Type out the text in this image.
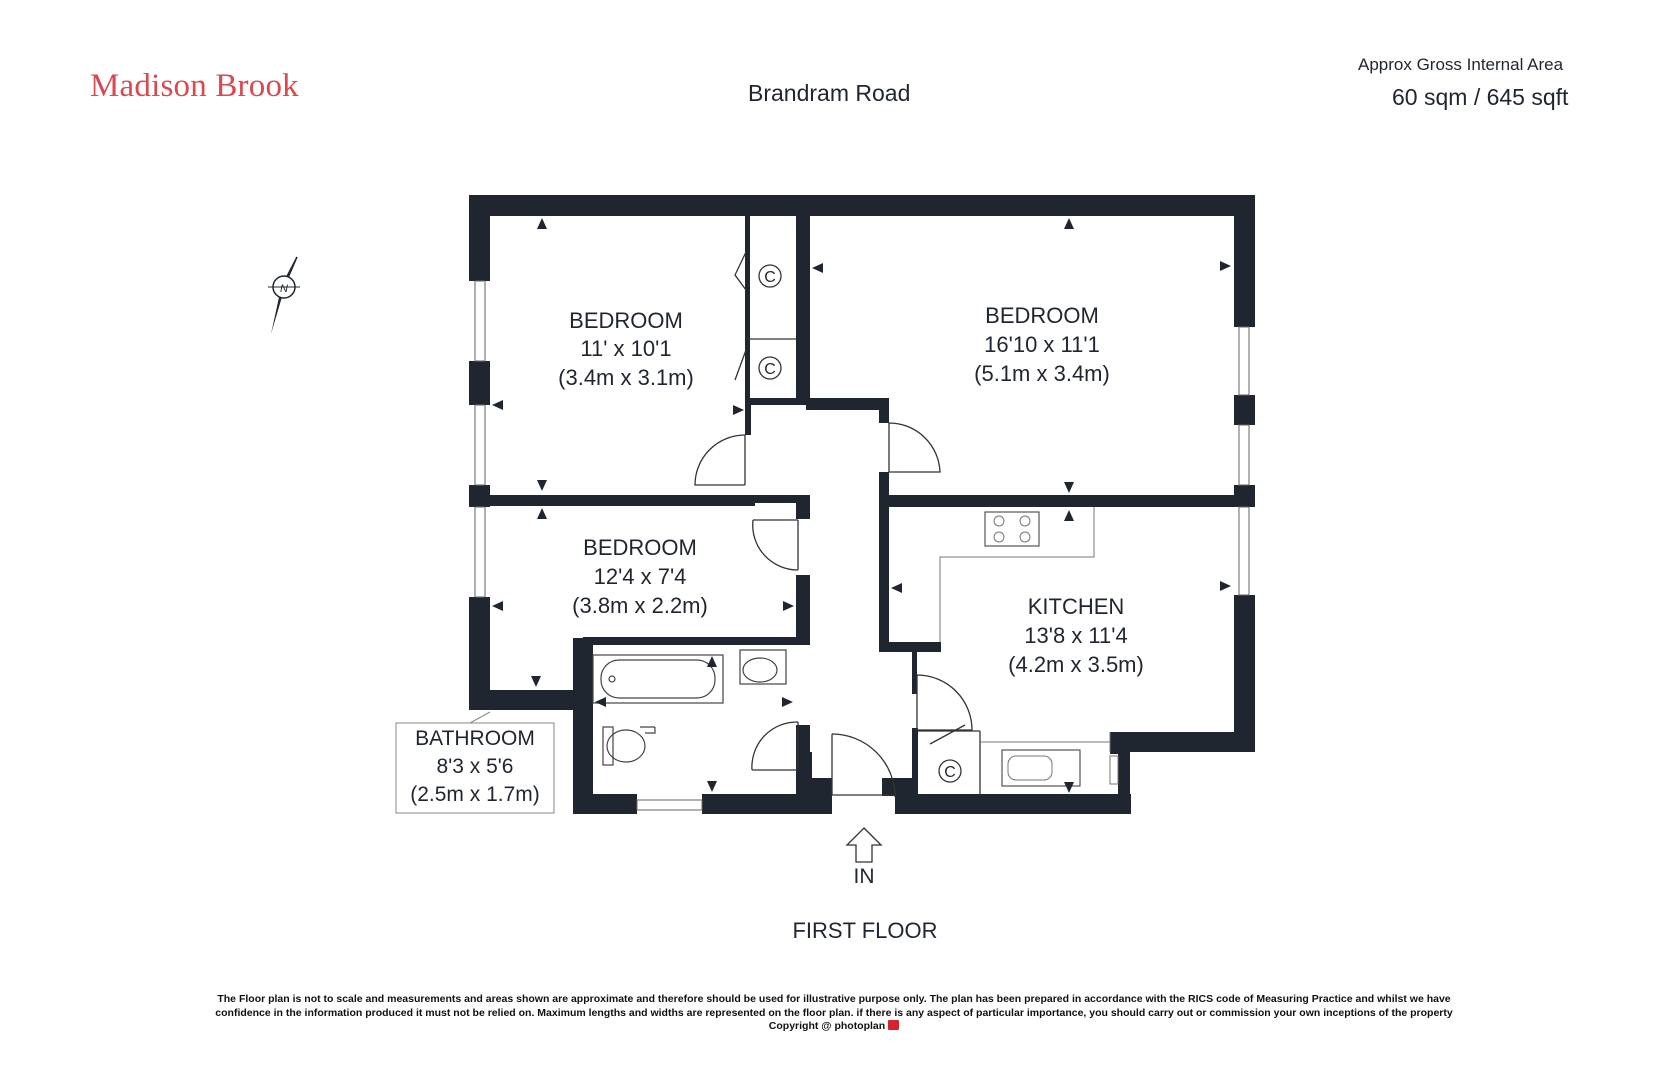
Madison Brook	Brandram Road
Approx Gross Internal Area
60 sqm / 645 sqft
N
C
C
C
BEDROOM
11' x 10'1
(3.4m x 3.1m)
BEDROOM
16'10 x 11'1
(5.1m x 3.4m)
BEDROOM
12'4 x 7'4
(3.8m x 2.2m)	KITCHEN
13'8 x 11'4
(4.2m x 3.5m)
BATHROOM
8'3 x 5'6
(2.5m x 1.7m)
IN
FIRST FLOOR
The Floor plan is not to scale and measurements and areas shown are approximate and therefore should be used for illustrative purpose only. The plan has been prepared in accordance with the RICS code of Measuring Practice and whilst we have
confidence in the information produced it must not be relied on. Maximum lengths and widths are represented on the floor plan. if there is any aspect of particular importance, you should carry out or commission your own inceptions of the property
Copyright @ photoplan
